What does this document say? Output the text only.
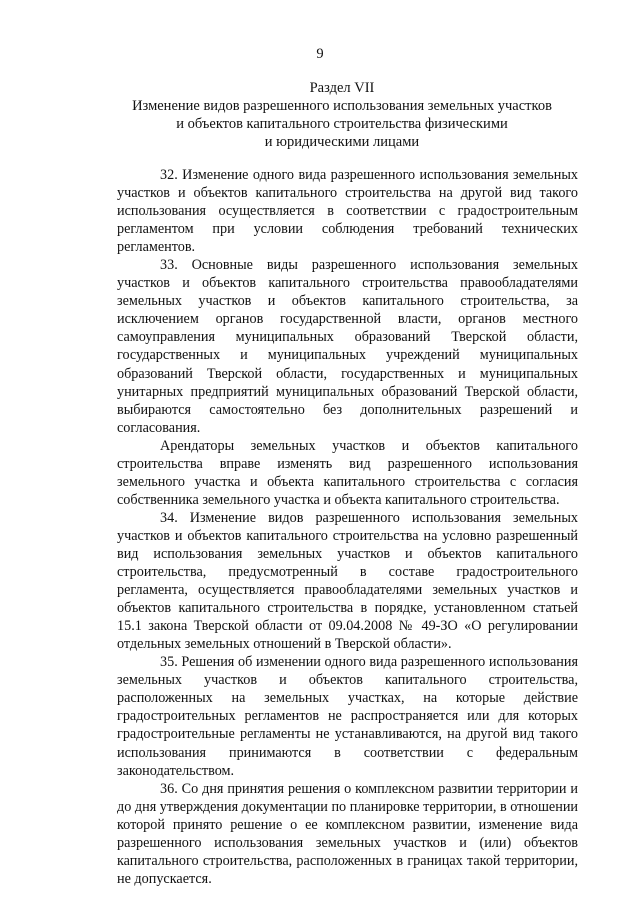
9
Раздел VII
Изменение видов разрешенного использования земельных участков
и объектов капитального строительства физическими
и юридическими лицами

32. Изменение одного вида разрешенного использования земельных участков и объектов капитального строительства на другой вид такого использования осуществляется в соответствии с градостроительным регламентом при условии соблюдения требований технических регламентов.

33. Основные виды разрешенного использования земельных участков и объектов капитального строительства правообладателями земельных участков и объектов капитального строительства, за исключением органов государственной власти, органов местного самоуправления муниципальных образований Тверской области, государственных и муниципальных учреждений муниципальных образований Тверской области, государственных и муниципальных унитарных предприятий муниципальных образований Тверской области, выбираются самостоятельно без дополнительных разрешений и согласования.

Арендаторы земельных участков и объектов капитального строительства вправе изменять вид разрешенного использования земельного участка и объекта капитального строительства с согласия собственника земельного участка и объекта капитального строительства.

34. Изменение видов разрешенного использования земельных участков и объектов капитального строительства на условно разрешенный вид использования земельных участков и объектов капитального строительства, предусмотренный в составе градостроительного регламента, осуществляется правообладателями земельных участков и объектов капитального строительства в порядке, установленном статьей 15.1 закона Тверской области от 09.04.2008 № 49-ЗО «О регулировании отдельных земельных отношений в Тверской области».

35. Решения об изменении одного вида разрешенного использования земельных участков и объектов капитального строительства, расположенных на земельных участках, на которые действие градостроительных регламентов не распространяется или для которых градостроительные регламенты не устанавливаются, на другой вид такого использования принимаются в соответствии с федеральным законодательством.

36. Со дня принятия решения о комплексном развитии территории и до дня утверждения документации по планировке территории, в отношении которой принято решение о ее комплексном развитии, изменение вида разрешенного использования земельных участков и (или) объектов капитального строительства, расположенных в границах такой территории, не допускается.
